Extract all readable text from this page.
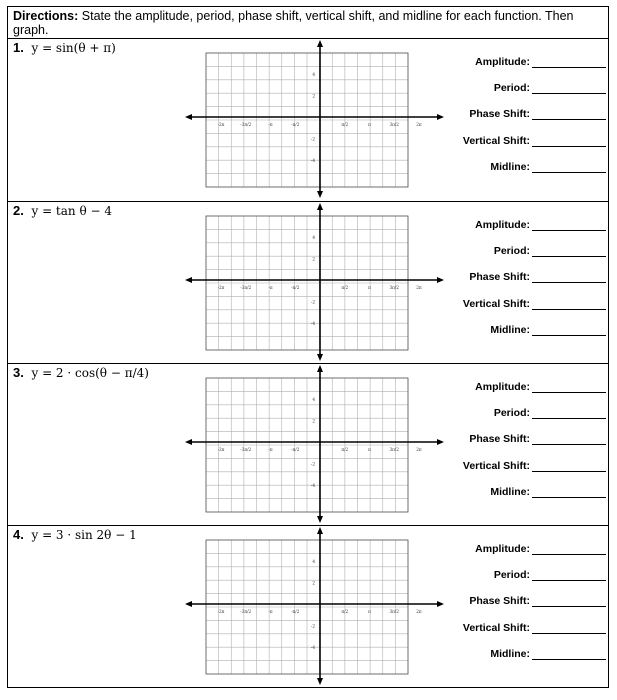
Directions: State the amplitude, period, phase shift, vertical shift, and midline for each function. Then graph.
1. y = sin(θ + π)
-2π	-3π/2	-π	-π/2	π/2	π	3π/2	2π
4
2
-2
-4
Amplitude:
Period:
Phase Shift:
Vertical Shift:
Midline:
2. y = tan θ − 4
-2π	-3π/2	-π	-π/2	π/2	π	3π/2	2π
4
2
-2
-4
Amplitude:
Period:
Phase Shift:
Vertical Shift:
Midline:
3. y = 2 · cos(θ − π/4)
-2π	-3π/2	-π	-π/2	π/2	π	3π/2	2π
4
2
-2
-4
Amplitude:
Period:
Phase Shift:
Vertical Shift:
Midline:
4. y = 3 · sin 2θ − 1
-2π	-3π/2	-π	-π/2	π/2	π	3π/2	2π
4
2
-2
-4
Amplitude:
Period:
Phase Shift:
Vertical Shift:
Midline:
